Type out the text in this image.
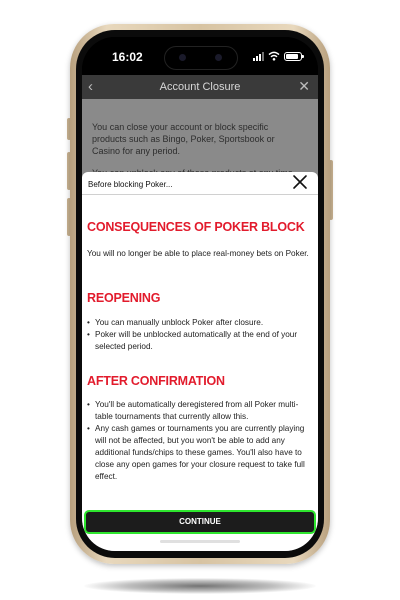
16:02
‹	Account Closure	✕

You can close your account or block specific products such as Bingo, Poker, Sportsbook or Casino for any period.

Before blocking Poker...
CONSEQUENCES OF POKER BLOCK

You will no longer be able to place real-money bets on Poker.

REOPENING
• You can manually unblock Poker after closure.
• Poker will be unblocked automatically at the end of your selected period.
AFTER CONFIRMATION
• You'll be automatically deregistered from all Poker multi-table tournaments that currently allow this.
• Any cash games or tournaments you are currently playing will not be affected, but you won't be able to add any additional funds/chips to these games. You'll also have to close any open games for your closure request to take full effect.
CONTINUE
